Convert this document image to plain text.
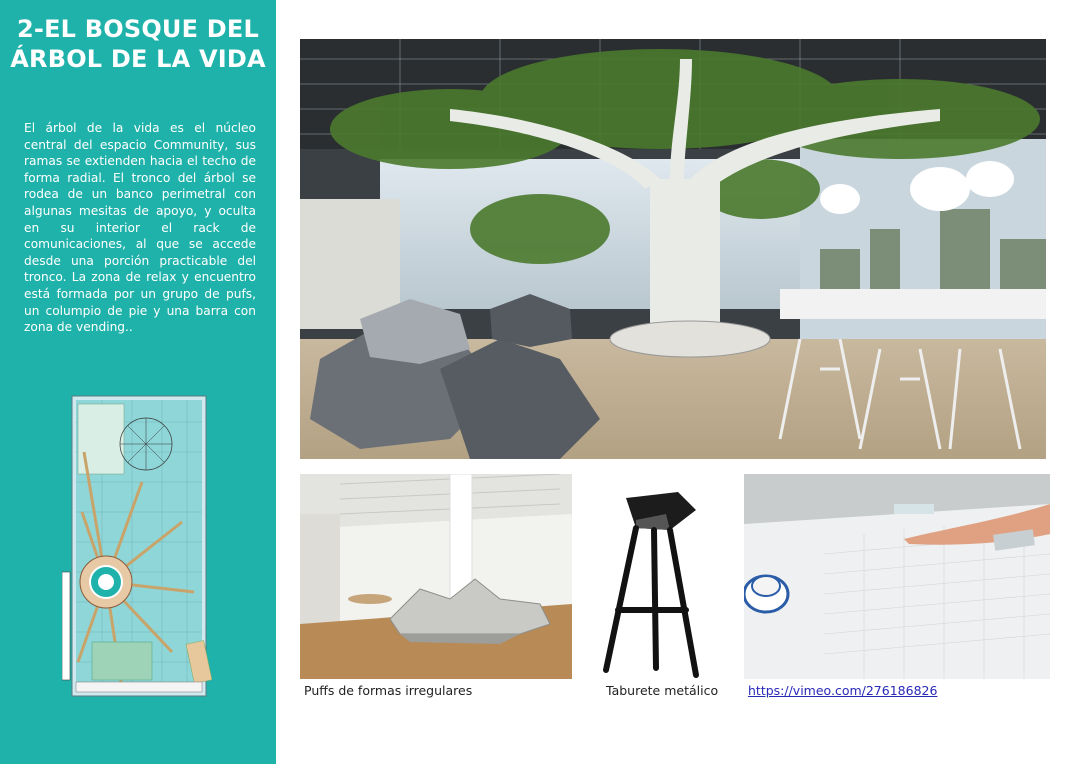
2-EL BOSQUE DEL ÁRBOL DE LA VIDA
El árbol de la vida es el núcleo central del espacio Community, sus ramas se extienden hacia el techo de forma radial. El tronco del árbol se rodea de un banco perimetral con algunas mesitas de apoyo, y oculta en su interior el rack de comunicaciones, al que se accede desde una porción practicable del tronco. La zona de relax y encuentro está formada por un grupo de pufs, un columpio de pie y una barra con zona de vending..
Puffs de formas irregulares	Taburete metálico https://vimeo.com/276186826
